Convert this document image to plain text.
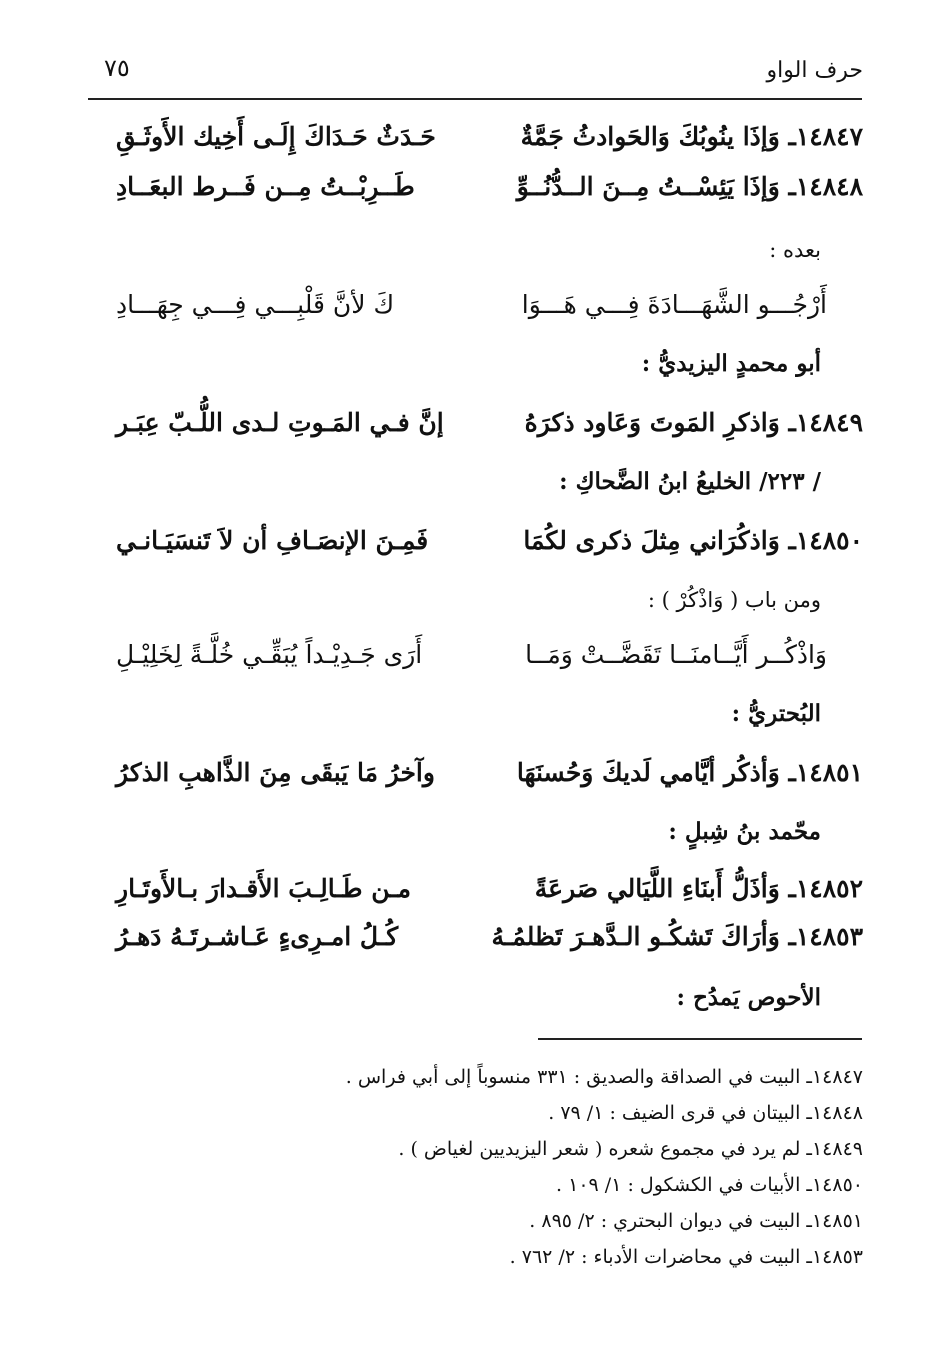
حرف الواو
٧٥
١٤٨٤٧ـ وَإذَا ينُوبُكَ وَالحَوادثُ جَمَّةٌ
حَـدَثٌ حَـدَاكَ إِلَـى أَخِيك الأَوثَـقِ
١٤٨٤٨ـ وَإذَا يَئِسْــتُ مِــنَ الــدُّنُــوِّ
طَــرِبْــتُ مِــن فَــرط البعَــادِ
بعده :
أَرْجُـــو الشَّهَـــادَةَ فِـــي هَـــوَا
كَ لأنَّ قَلْبِـــي فِـــي جِهَـــادِ
أبو محمدٍ اليزيديُّ :
١٤٨٤٩ـ وَاذكرِ المَوتَ وَعَاود ذكرَهُ
إنَّ فـي المَـوتِ لـدى اللُّـبّ عِبَـر
/ ٢٢٣/ الخليعُ ابنُ الضَّحاكِ :
١٤٨٥٠ـ وَاذكُرَاني مِثلَ ذكرى لكُمَا
فَمِـنَ الإنصَـافِ أن لاَ تَنسَيَـانـي
ومن باب ( وَاذْكُرْ ) :
وَاذْكُــر أَيَّــامنَــا تَقَضَّــتْ وَمَــا
أَرَى جَـدِيْـداً يُبَقِّـي خُلَّـةً لِخَلِيْـلِ
البُحتريُّ :
١٤٨٥١ـ وَأذكُر أيَّامي لَديكَ وَحُسنَهَا
وآخرُ مَا يَبقَى مِنَ الذَّاهبِ الذكرُ
محّمد بنُ شِبلٍ :
١٤٨٥٢ـ وَأذَلُّ أَبنَاءِ اللَّيَالي صَرعَةً
مـن طَـالِـبَ الأَقـدارَ بـالأَوتَـارِ
١٤٨٥٣ـ وَأرَاكَ تَشكُـو الـدَّهـرَ تَظلمُـهُ
كُـلُ امـرِىءٍ عَـاشـرتَـهُ دَهـرُ
الأحوص يَمدُح :
١٤٨٤٧ـ البيت في الصداقة والصديق : ٣٣١ منسوباً إلى أبي فراس .
١٤٨٤٨ـ البيتان في قرى الضيف : ١/ ٧٩ .
١٤٨٤٩ـ لم يرد في مجموع شعره ( شعر اليزيديين لغياض ) .
١٤٨٥٠ـ الأبيات في الكشكول : ١/ ١٠٩ .
١٤٨٥١ـ البيت في ديوان البحتري : ٢/ ٨٩٥ .
١٤٨٥٣ـ البيت في محاضرات الأدباء : ٢/ ٧٦٢ .
